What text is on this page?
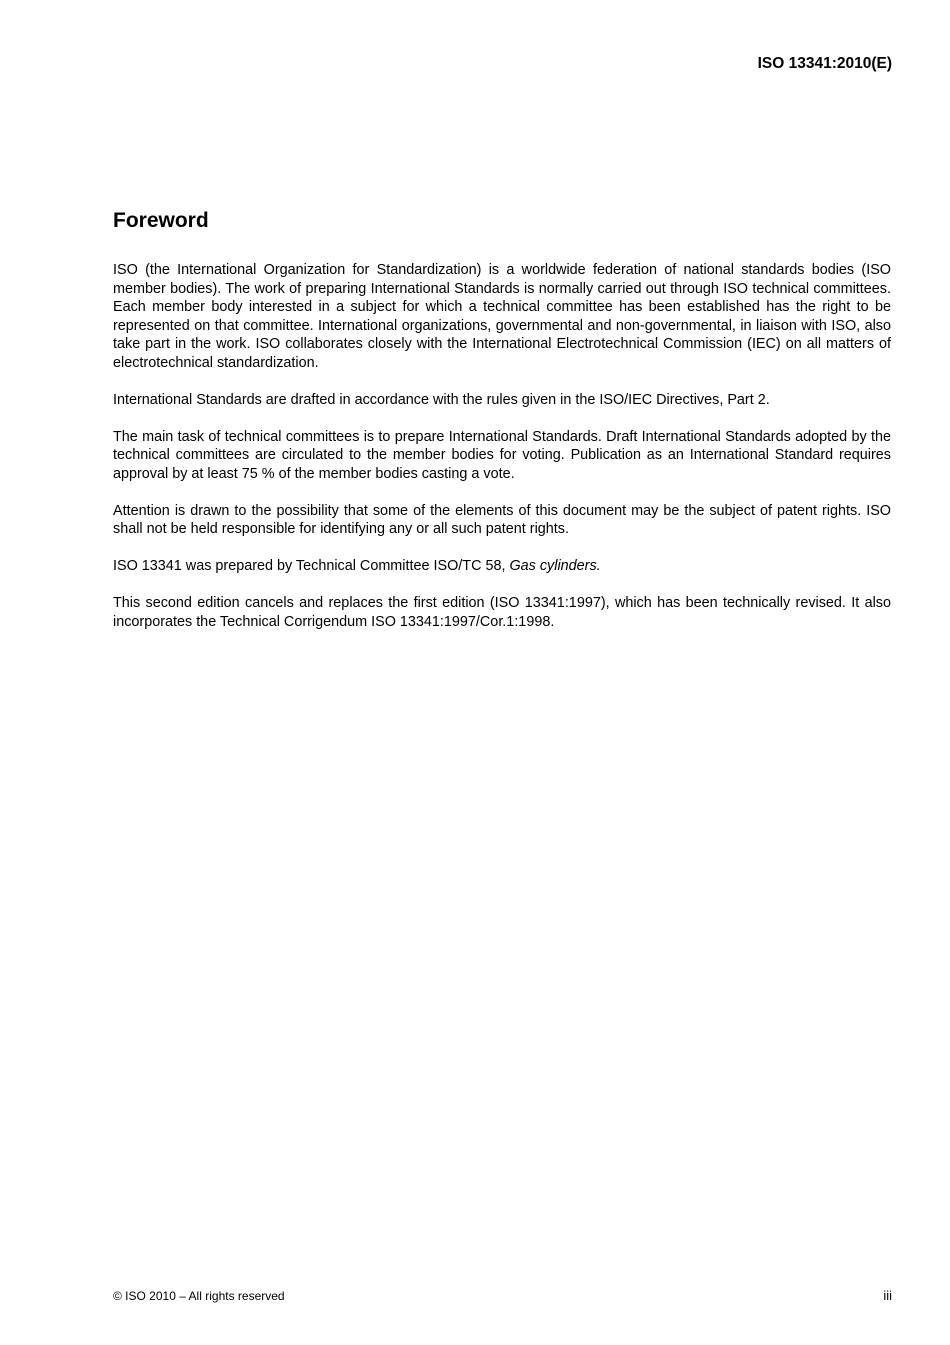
ISO 13341:2010(E)

Foreword

ISO (the International Organization for Standardization) is a worldwide federation of national standards bodies (ISO member bodies). The work of preparing International Standards is normally carried out through ISO technical committees. Each member body interested in a subject for which a technical committee has been established has the right to be represented on that committee. International organizations, governmental and non-governmental, in liaison with ISO, also take part in the work. ISO collaborates closely with the International Electrotechnical Commission (IEC) on all matters of electrotechnical standardization.

International Standards are drafted in accordance with the rules given in the ISO/IEC Directives, Part 2.

The main task of technical committees is to prepare International Standards. Draft International Standards adopted by the technical committees are circulated to the member bodies for voting. Publication as an International Standard requires approval by at least 75 % of the member bodies casting a vote.

Attention is drawn to the possibility that some of the elements of this document may be the subject of patent rights. ISO shall not be held responsible for identifying any or all such patent rights.

ISO 13341 was prepared by Technical Committee ISO/TC 58, Gas cylinders.

This second edition cancels and replaces the first edition (ISO 13341:1997), which has been technically revised. It also incorporates the Technical Corrigendum ISO 13341:1997/Cor.1:1998.

© ISO 2010 – All rights reserved	iii
